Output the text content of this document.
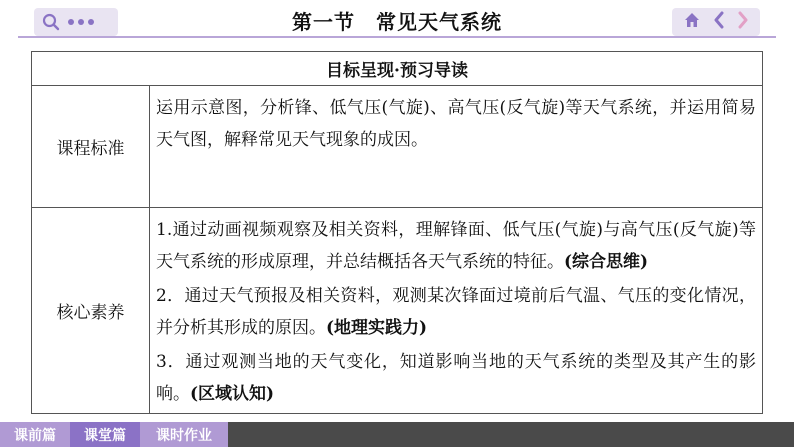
第一节　常见天气系统
目标呈现·预习导读
课程标准
运用示意图，分析锋、低气压(气旋)、高气压(反气旋)等天气系统，并运用简易天气图，解释常见天气现象的成因。
核心素养
1.通过动画视频观察及相关资料，理解锋面、低气压(气旋)与高气压(反气旋)等天气系统的形成原理，并总结概括各天气系统的特征。(综合思维)
2．通过天气预报及相关资料，观测某次锋面过境前后气温、气压的变化情况，并分析其形成的原因。(地理实践力)
3．通过观测当地的天气变化，知道影响当地的天气系统的类型及其产生的影响。(区域认知)
课前篇	课堂篇	课时作业
